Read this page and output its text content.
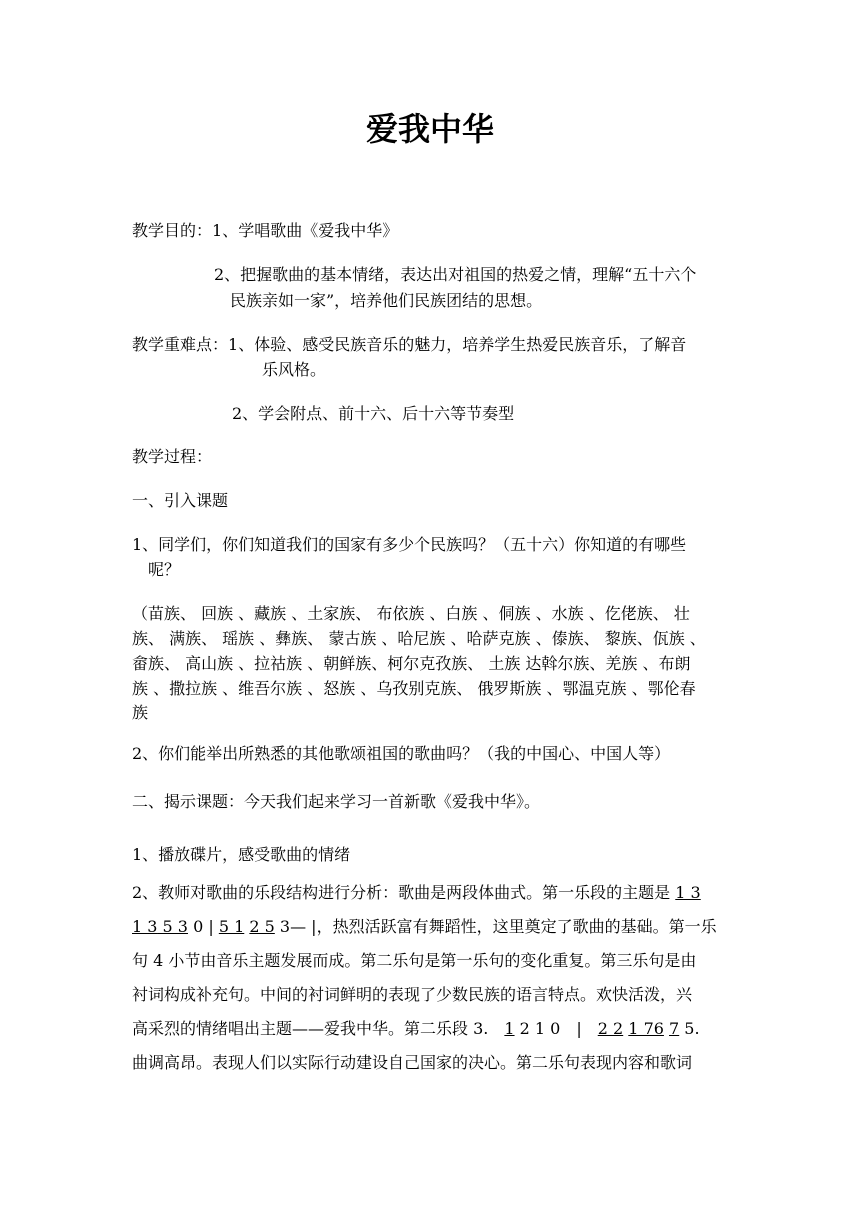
爱我中华
教学目的：1、学唱歌曲《爱我中华》
2、把握歌曲的基本情绪，表达出对祖国的热爱之情，理解“五十六个
民族亲如一家”，培养他们民族团结的思想。
教学重难点：1、体验、感受民族音乐的魅力，培养学生热爱民族音乐，了解音
乐风格。
2、学会附点、前十六、后十六等节奏型
教学过程：
一、引入课题
1、同学们，你们知道我们的国家有多少个民族吗？（五十六）你知道的有哪些
呢？
（苗族、 回族 、藏族 、土家族、 布依族 、白族 、侗族 、水族 、仡佬族、 壮
族、 满族、 瑶族 、彝族、 蒙古族 、哈尼族 、哈萨克族 、傣族、 黎族、佤族 、
畲族、 高山族 、拉祜族 、朝鲜族、柯尔克孜族、 土族 达斡尔族、羌族 、布朗
族 、撒拉族 、维吾尔族 、怒族 、乌孜别克族、 俄罗斯族 、鄂温克族 、鄂伦春
族
2、你们能举出所熟悉的其他歌颂祖国的歌曲吗？（我的中国心、中国人等）
二、揭示课题：今天我们起来学习一首新歌《爱我中华》。
1、播放碟片，感受歌曲的情绪
2、教师对歌曲的乐段结构进行分析：歌曲是两段体曲式。第一乐段的主题是 1 3
1 3 5 3 0 | 5 1 2 5 3— |，热烈活跃富有舞蹈性，这里奠定了歌曲的基础。第一乐
句 4 小节由音乐主题发展而成。第二乐句是第一乐句的变化重复。第三乐句是由
衬词构成补充句。中间的衬词鲜明的表现了少数民族的语言特点。欢快活泼，兴
高采烈的情绪唱出主题——爱我中华。第二乐段 3.　1 2 1 0　|　2 2 1 76 7 5.
曲调高昂。表现人们以实际行动建设自己国家的决心。第二乐句表现内容和歌词
